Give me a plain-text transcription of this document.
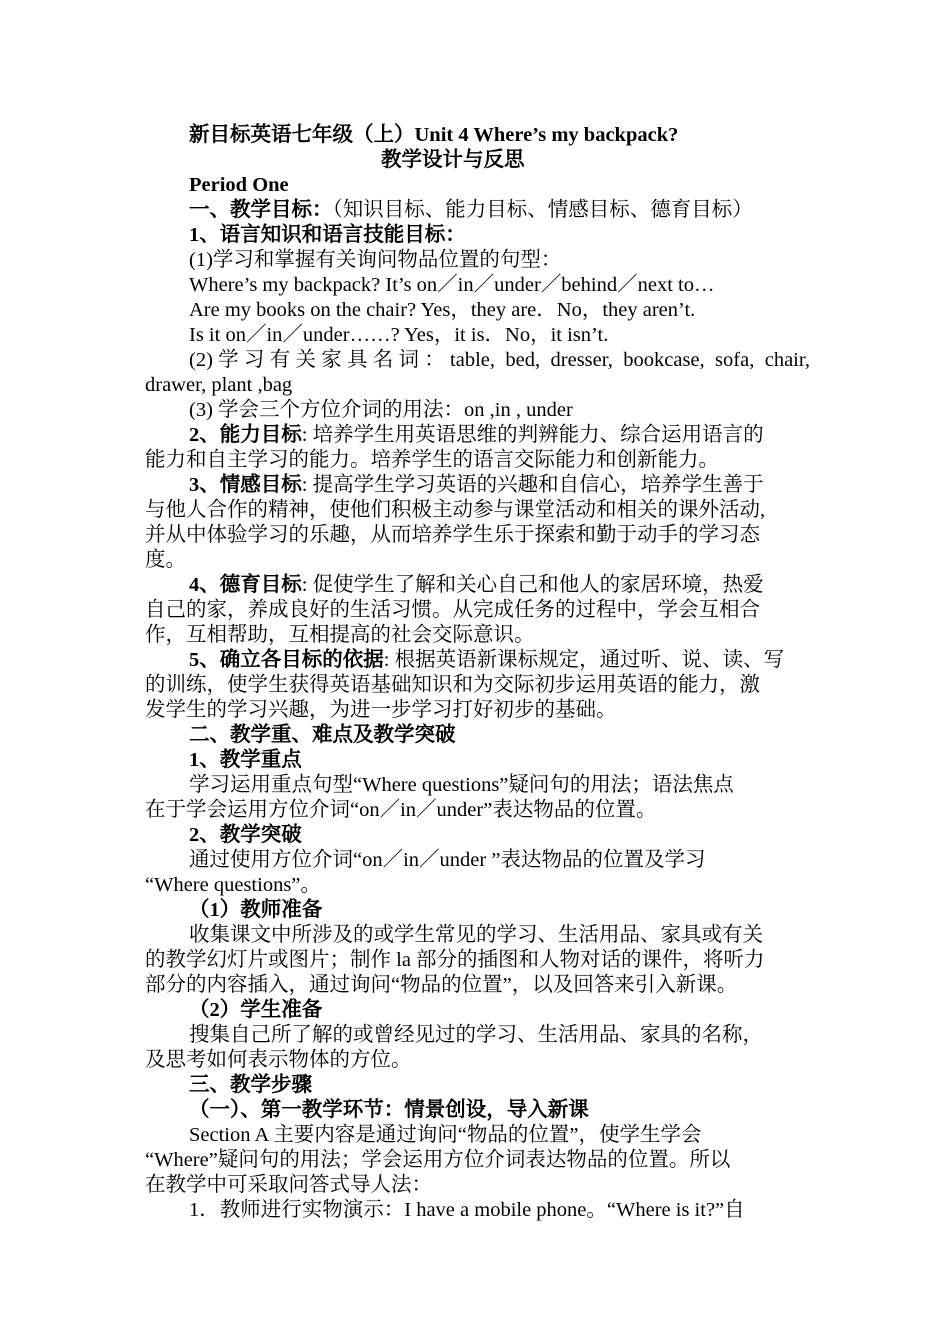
新目标英语七年级（上）Unit 4 Where’s my backpack?
教学设计与反思
Period One
一、教学目标：（知识目标、能力目标、情感目标、德育目标）
1、语言知识和语言技能目标：
(1)学习和掌握有关询问物品位置的句型：
Where’s my backpack? It’s on／in／under／behind／next to…
Are my books on the chair? Yes，they are．No，they aren’t.
Is it on／in／under……? Yes，it is．No，it isn’t.
(2)学习有关家具名词：table, bed, dresser, bookcase, sofa, chair,
drawer, plant ,bag
(3) 学会三个方位介词的用法：on ,in , under
2、能力目标: 培养学生用英语思维的判辨能力、综合运用语言的
能力和自主学习的能力。培养学生的语言交际能力和创新能力。
3、情感目标: 提高学生学习英语的兴趣和自信心，培养学生善于
与他人合作的精神，使他们积极主动参与课堂活动和相关的课外活动,
并从中体验学习的乐趣，从而培养学生乐于探索和勤于动手的学习态
度。
4、德育目标: 促使学生了解和关心自己和他人的家居环境，热爱
自己的家，养成良好的生活习惯。从完成任务的过程中，学会互相合
作，互相帮助，互相提高的社会交际意识。
5、确立各目标的依据: 根据英语新课标规定，通过听、说、读、写
的训练，使学生获得英语基础知识和为交际初步运用英语的能力，激
发学生的学习兴趣，为进一步学习打好初步的基础。
二、教学重、难点及教学突破
1、教学重点
学习运用重点句型“Where questions”疑问句的用法；语法焦点
在于学会运用方位介词“on／in／under”表达物品的位置。
2、教学突破
通过使用方位介词“on／in／under ”表达物品的位置及学习
“Where questions”。
（1）教师准备
收集课文中所涉及的或学生常见的学习、生活用品、家具或有关
的教学幻灯片或图片；制作 la 部分的插图和人物对话的课件，将听力
部分的内容插入，通过询问“物品的位置”，以及回答来引入新课。
（2）学生准备
搜集自己所了解的或曾经见过的学习、生活用品、家具的名称，
及思考如何表示物体的方位。
三、教学步骤
（一）、第一教学环节：情景创设，导入新课
Section A 主要内容是通过询问“物品的位置”，使学生学会
“Where”疑问句的用法；学会运用方位介词表达物品的位置。所以
在教学中可采取问答式导人法：
1．教师进行实物演示：I have a mobile phone。“Where is it?”自
